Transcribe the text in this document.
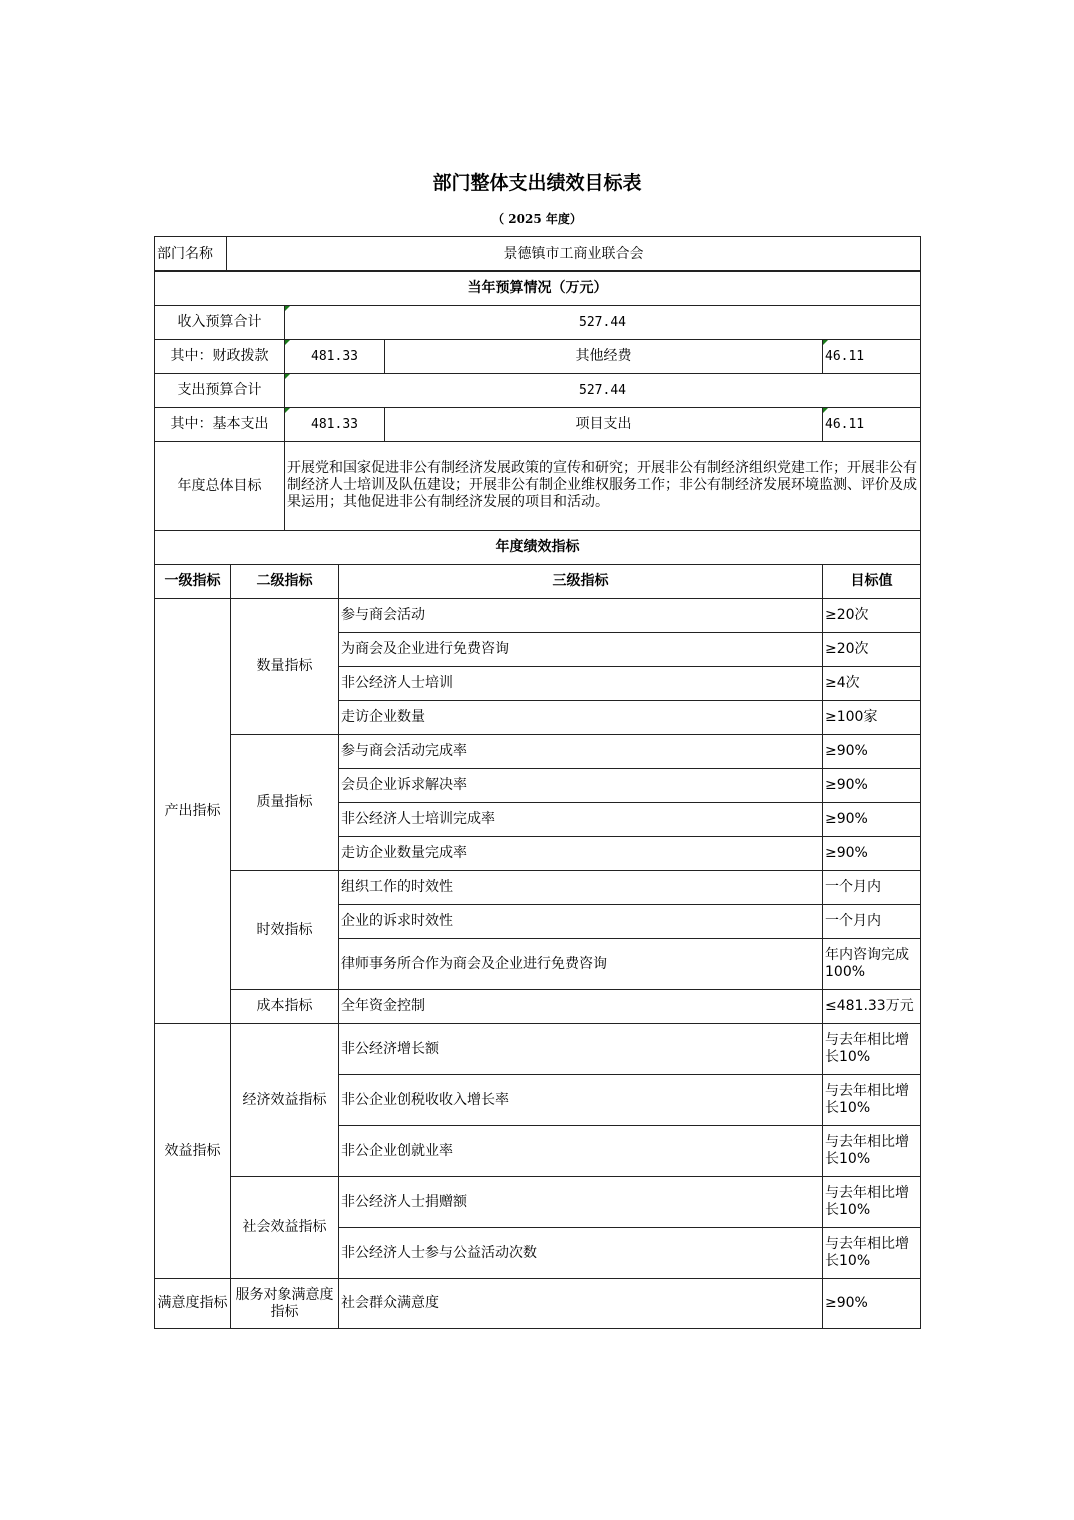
部门整体支出绩效目标表
（ 2025 年度）
部门名称	景德镇市工商业联合会
当年预算情况（万元）			
收入预算合计	527.44		
其中：财政拨款	481.33	其他经费	46.11
支出预算合计	527.44		
其中：基本支出	481.33	项目支出	46.11
年度总体目标	开展党和国家促进非公有制经济发展政策的宣传和研究；开展非公有制经济组织党建工作；开展非公有制经济人士培训及队伍建设；开展非公有制企业维权服务工作；非公有制经济发展环境监测、评价及成果运用；其他促进非公有制经济发展的项目和活动。		
年度绩效指标			
一级指标	二级指标	三级指标	目标值
产出指标	数量指标	参与商会活动	≥20次
		为商会及企业进行免费咨询	≥20次
		非公经济人士培训	≥4次
		走访企业数量	≥100家
	质量指标	参与商会活动完成率	≥90%
		会员企业诉求解决率	≥90%
		非公经济人士培训完成率	≥90%
		走访企业数量完成率	≥90%
	时效指标	组织工作的时效性	一个月内
		企业的诉求时效性	一个月内
		律师事务所合作为商会及企业进行免费咨询	年内咨询完成100%
	成本指标	全年资金控制	≤481.33万元
效益指标	经济效益指标	非公经济增长额	与去年相比增长10%
		非公企业创税收收入增长率	与去年相比增长10%
		非公企业创就业率	与去年相比增长10%
	社会效益指标	非公经济人士捐赠额	与去年相比增长10%
		非公经济人士参与公益活动次数	与去年相比增长10%
满意度指标	服务对象满意度指标	社会群众满意度	≥90%
